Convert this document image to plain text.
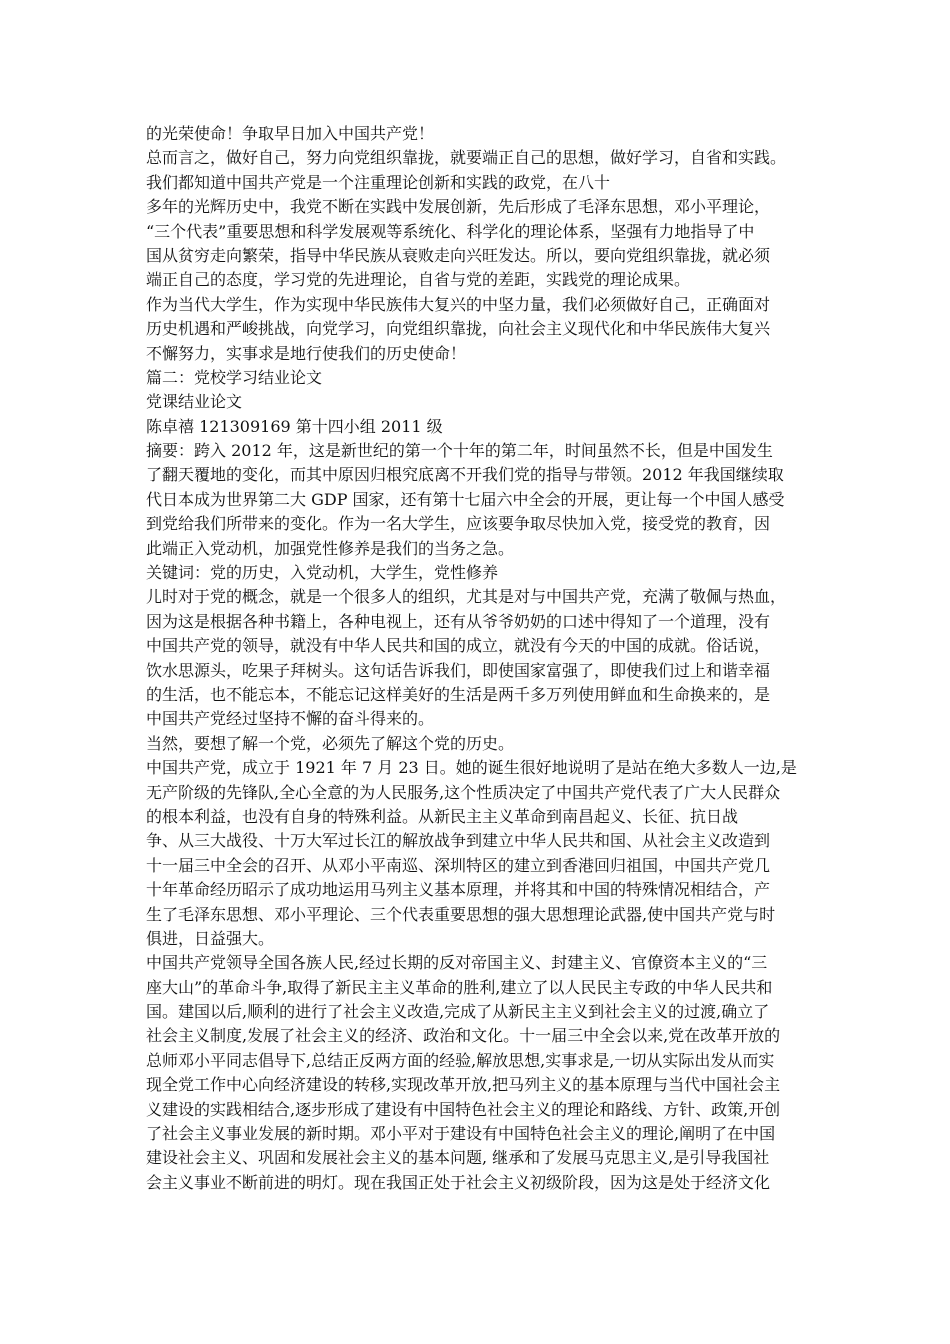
的光荣使命！争取早日加入中国共产党！
总而言之，做好自己，努力向党组织靠拢，就要端正自己的思想，做好学习，自省和实践。
我们都知道中国共产党是一个注重理论创新和实践的政党，在八十
多年的光辉历史中，我党不断在实践中发展创新，先后形成了毛泽东思想，邓小平理论，
“三个代表”重要思想和科学发展观等系统化、科学化的理论体系，坚强有力地指导了中
国从贫穷走向繁荣，指导中华民族从衰败走向兴旺发达。所以，要向党组织靠拢，就必须
端正自己的态度，学习党的先进理论，自省与党的差距，实践党的理论成果。
作为当代大学生，作为实现中华民族伟大复兴的中坚力量，我们必须做好自己，正确面对
历史机遇和严峻挑战，向党学习，向党组织靠拢，向社会主义现代化和中华民族伟大复兴
不懈努力，实事求是地行使我们的历史使命！
篇二：党校学习结业论文
党课结业论文
陈卓禧 121309169 第十四小组 2011 级
摘要：跨入 2012 年，这是新世纪的第一个十年的第二年，时间虽然不长，但是中国发生
了翻天覆地的变化，而其中原因归根究底离不开我们党的指导与带领。2012 年我国继续取
代日本成为世界第二大 GDP 国家，还有第十七届六中全会的开展，更让每一个中国人感受
到党给我们所带来的变化。作为一名大学生，应该要争取尽快加入党，接受党的教育，因
此端正入党动机，加强党性修养是我们的当务之急。
关键词：党的历史，入党动机，大学生，党性修养
儿时对于党的概念，就是一个很多人的组织，尤其是对与中国共产党，充满了敬佩与热血，
因为这是根据各种书籍上，各种电视上，还有从爷爷奶奶的口述中得知了一个道理，没有
中国共产党的领导，就没有中华人民共和国的成立，就没有今天的中国的成就。俗话说，
饮水思源头，吃果子拜树头。这句话告诉我们，即使国家富强了，即使我们过上和谐幸福
的生活，也不能忘本，不能忘记这样美好的生活是两千多万列使用鲜血和生命换来的，是
中国共产党经过坚持不懈的奋斗得来的。
当然，要想了解一个党，必须先了解这个党的历史。
中国共产党，成立于 1921 年 7 月 23 日。她的诞生很好地说明了是站在绝大多数人一边,是
无产阶级的先锋队,全心全意的为人民服务,这个性质决定了中国共产党代表了广大人民群众
的根本利益，也没有自身的特殊利益。从新民主主义革命到南昌起义、长征、抗日战
争、从三大战役、十万大军过长江的解放战争到建立中华人民共和国、从社会主义改造到
十一届三中全会的召开、从邓小平南巡、深圳特区的建立到香港回归祖国，中国共产党几
十年革命经历昭示了成功地运用马列主义基本原理，并将其和中国的特殊情况相结合，产
生了毛泽东思想、邓小平理论、三个代表重要思想的强大思想理论武器,使中国共产党与时
俱进，日益强大。
中国共产党领导全国各族人民,经过长期的反对帝国主义、封建主义、官僚资本主义的“三
座大山”的革命斗争,取得了新民主主义革命的胜利,建立了以人民民主专政的中华人民共和
国。建国以后,顺利的进行了社会主义改造,完成了从新民主主义到社会主义的过渡,确立了
社会主义制度,发展了社会主义的经济、政治和文化。十一届三中全会以来,党在改革开放的
总师邓小平同志倡导下,总结正反两方面的经验,解放思想,实事求是,一切从实际出发从而实
现全党工作中心向经济建设的转移,实现改革开放,把马列主义的基本原理与当代中国社会主
义建设的实践相结合,逐步形成了建设有中国特色社会主义的理论和路线、方针、政策,开创
了社会主义事业发展的新时期。邓小平对于建设有中国特色社会主义的理论,阐明了在中国
建设社会主义、巩固和发展社会主义的基本问题, 继承和了发展马克思主义,是引导我国社
会主义事业不断前进的明灯。现在我国正处于社会主义初级阶段，因为这是处于经济文化
